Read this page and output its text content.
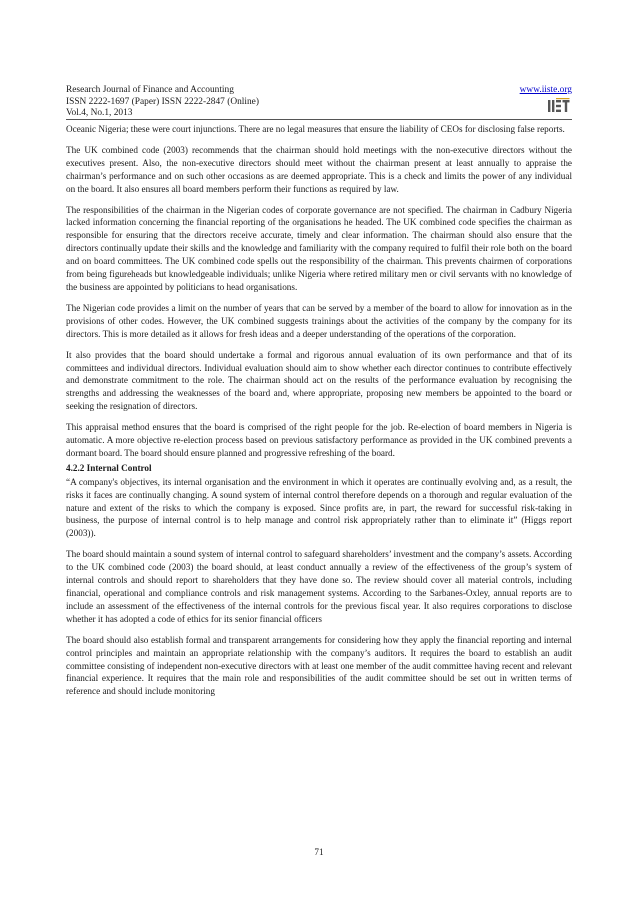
Research Journal of Finance and Accounting
ISSN 2222-1697 (Paper) ISSN 2222-2847 (Online)
Vol.4, No.1, 2013
www.iiste.org

Oceanic Nigeria; these were court injunctions. There are no legal measures that ensure the liability of CEOs for disclosing false reports.

The UK combined code (2003) recommends that the chairman should hold meetings with the non-executive directors without the executives present. Also, the non-executive directors should meet without the chairman present at least annually to appraise the chairman’s performance and on such other occasions as are deemed appropriate. This is a check and limits the power of any individual on the board. It also ensures all board members perform their functions as required by law.

The responsibilities of the chairman in the Nigerian codes of corporate governance are not specified. The chairman in Cadbury Nigeria lacked information concerning the financial reporting of the organisations he headed. The UK combined code specifies the chairman as responsible for ensuring that the directors receive accurate, timely and clear information. The chairman should also ensure that the directors continually update their skills and the knowledge and familiarity with the company required to fulfil their role both on the board and on board committees. The UK combined code spells out the responsibility of the chairman. This prevents chairmen of corporations from being figureheads but knowledgeable individuals; unlike Nigeria where retired military men or civil servants with no knowledge of the business are appointed by politicians to head organisations.

The Nigerian code provides a limit on the number of years that can be served by a member of the board to allow for innovation as in the provisions of other codes. However, the UK combined suggests trainings about the activities of the company by the company for its directors. This is more detailed as it allows for fresh ideas and a deeper understanding of the operations of the corporation.

It also provides that the board should undertake a formal and rigorous annual evaluation of its own performance and that of its committees and individual directors. Individual evaluation should aim to show whether each director continues to contribute effectively and demonstrate commitment to the role. The chairman should act on the results of the performance evaluation by recognising the strengths and addressing the weaknesses of the board and, where appropriate, proposing new members be appointed to the board or seeking the resignation of directors.

This appraisal method ensures that the board is comprised of the right people for the job. Re-election of board members in Nigeria is automatic. A more objective re-election process based on previous satisfactory performance as provided in the UK combined prevents a dormant board. The board should ensure planned and progressive refreshing of the board.

4.2.2 Internal Control

“A company's objectives, its internal organisation and the environment in which it operates are continually evolving and, as a result, the risks it faces are continually changing. A sound system of internal control therefore depends on a thorough and regular evaluation of the nature and extent of the risks to which the company is exposed. Since profits are, in part, the reward for successful risk-taking in business, the purpose of internal control is to help manage and control risk appropriately rather than to eliminate it” (Higgs report (2003)).

The board should maintain a sound system of internal control to safeguard shareholders’ investment and the company’s assets. According to the UK combined code (2003) the board should, at least conduct annually a review of the effectiveness of the group’s system of internal controls and should report to shareholders that they have done so. The review should cover all material controls, including financial, operational and compliance controls and risk management systems. According to the Sarbanes-Oxley, annual reports are to include an assessment of the effectiveness of the internal controls for the previous fiscal year. It also requires corporations to disclose whether it has adopted a code of ethics for its senior financial officers

The board should also establish formal and transparent arrangements for considering how they apply the financial reporting and internal control principles and maintain an appropriate relationship with the company’s auditors. It requires the board to establish an audit committee consisting of independent non-executive directors with at least one member of the audit committee having recent and relevant financial experience. It requires that the main role and responsibilities of the audit committee should be set out in written terms of reference and should include monitoring

71
